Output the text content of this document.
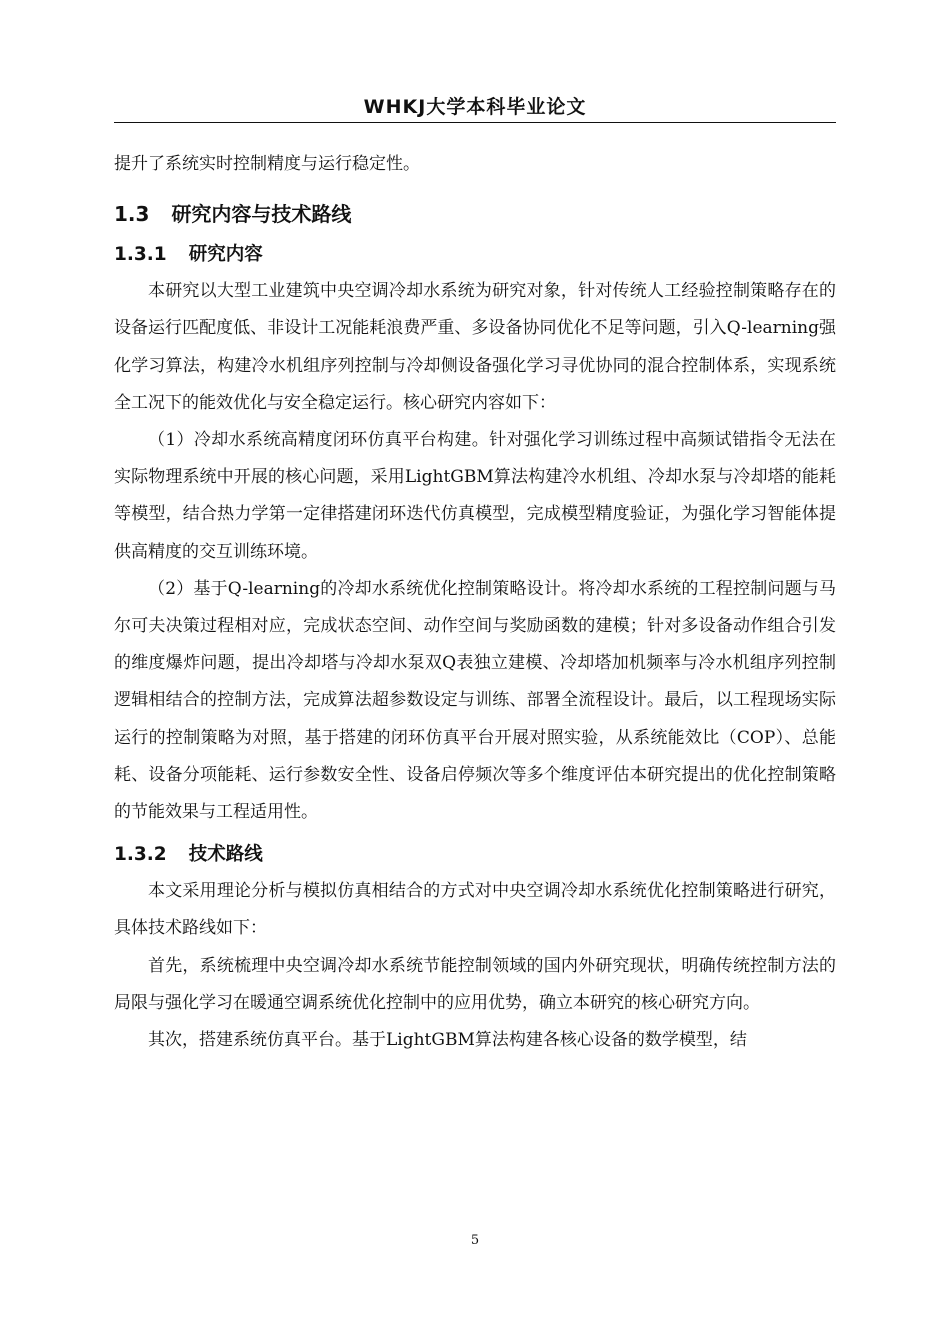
WHKJ大学本科毕业论文

提升了系统实时控制精度与运行稳定性。

1.3 研究内容与技术路线
1.3.1 研究内容

本研究以大型工业建筑中央空调冷却水系统为研究对象，针对传统人工经验控制策略存在的设备运行匹配度低、非设计工况能耗浪费严重、多设备协同优化不足等问题，引入Q-learning强化学习算法，构建冷水机组序列控制与冷却侧设备强化学习寻优协同的混合控制体系，实现系统全工况下的能效优化与安全稳定运行。核心研究内容如下：

（1）冷却水系统高精度闭环仿真平台构建。针对强化学习训练过程中高频试错指令无法在实际物理系统中开展的核心问题，采用LightGBM算法构建冷水机组、冷却水泵与冷却塔的能耗等模型，结合热力学第一定律搭建闭环迭代仿真模型，完成模型精度验证，为强化学习智能体提供高精度的交互训练环境。

（2）基于Q-learning的冷却水系统优化控制策略设计。将冷却水系统的工程控制问题与马尔可夫决策过程相对应，完成状态空间、动作空间与奖励函数的建模；针对多设备动作组合引发的维度爆炸问题，提出冷却塔与冷却水泵双Q表独立建模、冷却塔加机频率与冷水机组序列控制逻辑相结合的控制方法，完成算法超参数设定与训练、部署全流程设计。最后，以工程现场实际运行的控制策略为对照，基于搭建的闭环仿真平台开展对照实验，从系统能效比（COP）、总能耗、设备分项能耗、运行参数安全性、设备启停频次等多个维度评估本研究提出的优化控制策略的节能效果与工程适用性。

1.3.2 技术路线

本文采用理论分析与模拟仿真相结合的方式对中央空调冷却水系统优化控制策略进行研究，具体技术路线如下：

首先，系统梳理中央空调冷却水系统节能控制领域的国内外研究现状，明确传统控制方法的局限与强化学习在暖通空调系统优化控制中的应用优势，确立本研究的核心研究方向。

其次，搭建系统仿真平台。基于LightGBM算法构建各核心设备的数学模型，结

5
